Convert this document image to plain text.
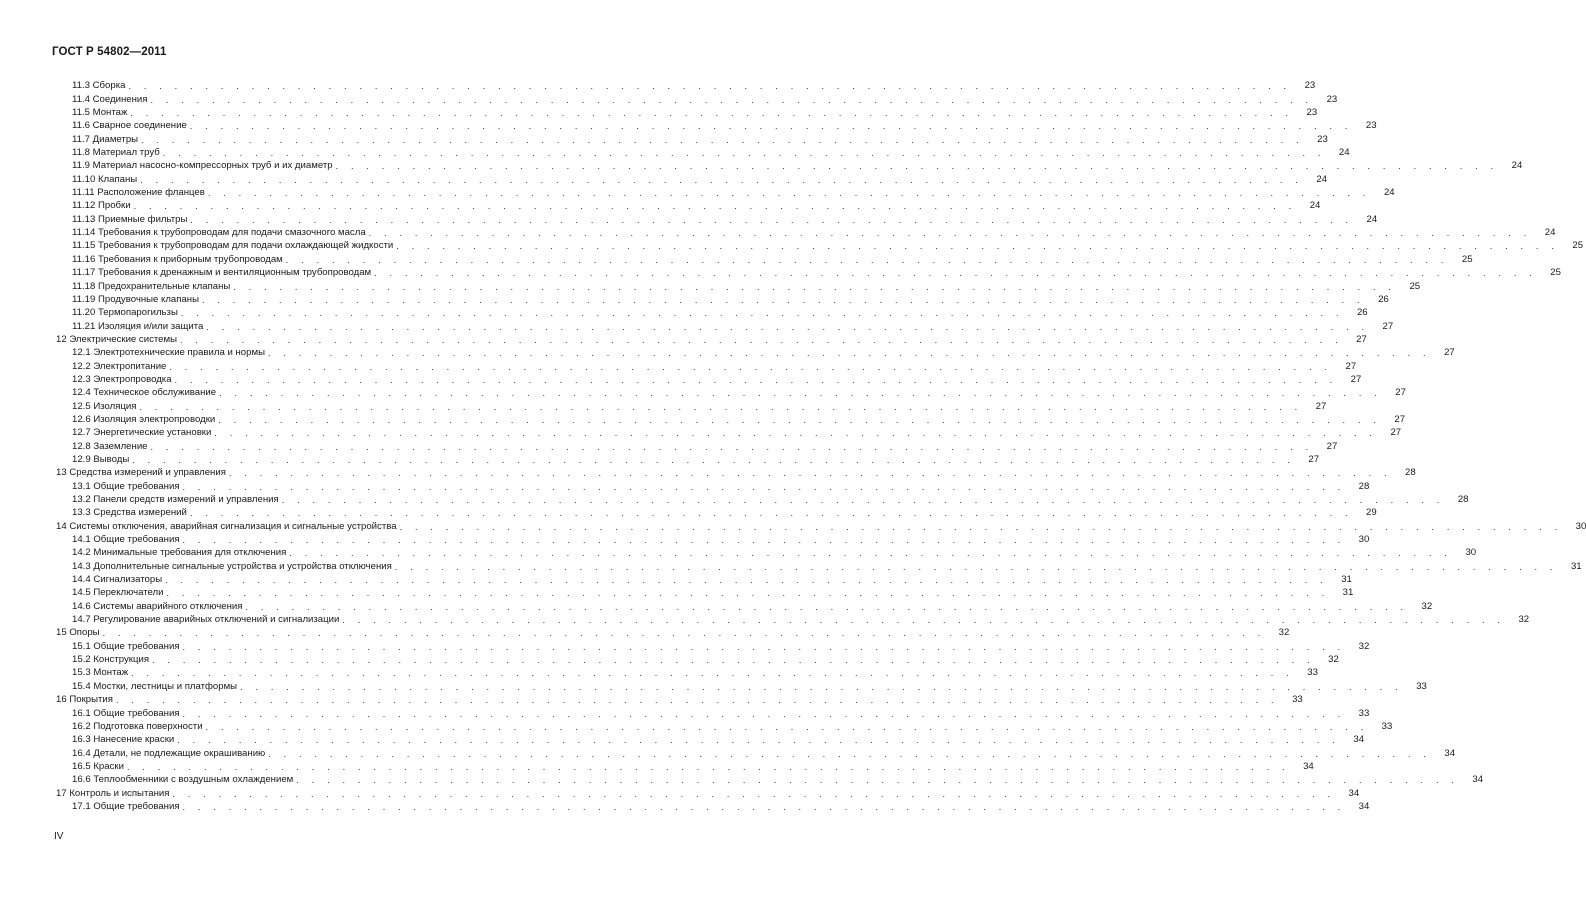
ГОСТ Р 54802—2011
11.3 Сборка . . . . . . . . . . . . . . . . . . . . . . . . . . . . . . . . . . . . . . . . . . . . . . . . . . . . . . . . . . . . . . . . . . . . . . . . . . . .	23
11.4 Соединения . . . . . . . . . . . . . . . . . . . . . . . . . . . . . . . . . . . . . . . . . . . . . . . . . . . . . . . . . . . . . . . . . . . . . . . . . . . .	23
11.5 Монтаж . . . . . . . . . . . . . . . . . . . . . . . . . . . . . . . . . . . . . . . . . . . . . . . . . . . . . . . . . . . . . . . . . . . . . . . . . . . .	23
11.6 Сварное соединение . . . . . . . . . . . . . . . . . . . . . . . . . . . . . . . . . . . . . . . . . . . . . . . . . . . . . . . . . . . . . . . . . . . . . . . . . . . .	23
11.7 Диаметры . . . . . . . . . . . . . . . . . . . . . . . . . . . . . . . . . . . . . . . . . . . . . . . . . . . . . . . . . . . . . . . . . . . . . . . . . . . .	23
11.8 Материал труб . . . . . . . . . . . . . . . . . . . . . . . . . . . . . . . . . . . . . . . . . . . . . . . . . . . . . . . . . . . . . . . . . . . . . . . . . . . .	24
11.9 Материал насосно-компрессорных труб и их диаметр . . . . . . . . . . . . . . . . . . . . . . . . . . . . . . . . . . . . . . . . . . . . . . . . . . . . . . . . . . . . . . . . . . . . . . . . . . . .	24
11.10 Клапаны . . . . . . . . . . . . . . . . . . . . . . . . . . . . . . . . . . . . . . . . . . . . . . . . . . . . . . . . . . . . . . . . . . . . . . . . . . . .	24
11.11 Расположение фланцев . . . . . . . . . . . . . . . . . . . . . . . . . . . . . . . . . . . . . . . . . . . . . . . . . . . . . . . . . . . . . . . . . . . . . . . . . . . .	24
11.12 Пробки . . . . . . . . . . . . . . . . . . . . . . . . . . . . . . . . . . . . . . . . . . . . . . . . . . . . . . . . . . . . . . . . . . . . . . . . . . . .	24
11.13 Приемные фильтры . . . . . . . . . . . . . . . . . . . . . . . . . . . . . . . . . . . . . . . . . . . . . . . . . . . . . . . . . . . . . . . . . . . . . . . . . . . .	24
11.14 Требования к трубопроводам для подачи смазочного масла . . . . . . . . . . . . . . . . . . . . . . . . . . . . . . . . . . . . . . . . . . . . . . . . . . . . . . . . . . . . . . . . . . . . . . . . . . . .	24
11.15 Требования к трубопроводам для подачи охлаждающей жидкости . . . . . . . . . . . . . . . . . . . . . . . . . . . . . . . . . . . . . . . . . . . . . . . . . . . . . . . . . . . . . . . . . . . . . . . . . . . .	25
11.16 Требования к приборным трубопроводам . . . . . . . . . . . . . . . . . . . . . . . . . . . . . . . . . . . . . . . . . . . . . . . . . . . . . . . . . . . . . . . . . . . . . . . . . . . .	25
11.17 Требования к дренажным и вентиляционным трубопроводам . . . . . . . . . . . . . . . . . . . . . . . . . . . . . . . . . . . . . . . . . . . . . . . . . . . . . . . . . . . . . . . . . . . . . . . . . . . .	25
11.18 Предохранительные клапаны . . . . . . . . . . . . . . . . . . . . . . . . . . . . . . . . . . . . . . . . . . . . . . . . . . . . . . . . . . . . . . . . . . . . . . . . . . . .	25
11.19 Продувочные клапаны . . . . . . . . . . . . . . . . . . . . . . . . . . . . . . . . . . . . . . . . . . . . . . . . . . . . . . . . . . . . . . . . . . . . . . . . . . . .	26
11.20 Термопарогильзы . . . . . . . . . . . . . . . . . . . . . . . . . . . . . . . . . . . . . . . . . . . . . . . . . . . . . . . . . . . . . . . . . . . . . . . . . . . .	26
11.21 Изоляция и/или защита . . . . . . . . . . . . . . . . . . . . . . . . . . . . . . . . . . . . . . . . . . . . . . . . . . . . . . . . . . . . . . . . . . . . . . . . . . . .	27
12 Электрические системы . . . . . . . . . . . . . . . . . . . . . . . . . . . . . . . . . . . . . . . . . . . . . . . . . . . . . . . . . . . . . . . . . . . . . . . . . . . .	27
12.1 Электротехнические правила и нормы . . . . . . . . . . . . . . . . . . . . . . . . . . . . . . . . . . . . . . . . . . . . . . . . . . . . . . . . . . . . . . . . . . . . . . . . . . . .	27
12.2 Электропитание . . . . . . . . . . . . . . . . . . . . . . . . . . . . . . . . . . . . . . . . . . . . . . . . . . . . . . . . . . . . . . . . . . . . . . . . . . . .	27
12.3 Электропроводка . . . . . . . . . . . . . . . . . . . . . . . . . . . . . . . . . . . . . . . . . . . . . . . . . . . . . . . . . . . . . . . . . . . . . . . . . . . .	27
12.4 Техническое обслуживание . . . . . . . . . . . . . . . . . . . . . . . . . . . . . . . . . . . . . . . . . . . . . . . . . . . . . . . . . . . . . . . . . . . . . . . . . . . .	27
12.5 Изоляция . . . . . . . . . . . . . . . . . . . . . . . . . . . . . . . . . . . . . . . . . . . . . . . . . . . . . . . . . . . . . . . . . . . . . . . . . . . .	27
12.6 Изоляция электропроводки . . . . . . . . . . . . . . . . . . . . . . . . . . . . . . . . . . . . . . . . . . . . . . . . . . . . . . . . . . . . . . . . . . . . . . . . . . . .	27
12.7 Энергетические установки . . . . . . . . . . . . . . . . . . . . . . . . . . . . . . . . . . . . . . . . . . . . . . . . . . . . . . . . . . . . . . . . . . . . . . . . . . . .	27
12.8 Заземление . . . . . . . . . . . . . . . . . . . . . . . . . . . . . . . . . . . . . . . . . . . . . . . . . . . . . . . . . . . . . . . . . . . . . . . . . . . .	27
12.9 Выводы . . . . . . . . . . . . . . . . . . . . . . . . . . . . . . . . . . . . . . . . . . . . . . . . . . . . . . . . . . . . . . . . . . . . . . . . . . . .	27
13 Средства измерений и управления . . . . . . . . . . . . . . . . . . . . . . . . . . . . . . . . . . . . . . . . . . . . . . . . . . . . . . . . . . . . . . . . . . . . . . . . . . . .	28
13.1 Общие требования . . . . . . . . . . . . . . . . . . . . . . . . . . . . . . . . . . . . . . . . . . . . . . . . . . . . . . . . . . . . . . . . . . . . . . . . . . . .	28
13.2 Панели средств измерений и управления . . . . . . . . . . . . . . . . . . . . . . . . . . . . . . . . . . . . . . . . . . . . . . . . . . . . . . . . . . . . . . . . . . . . . . . . . . . .	28
13.3 Средства измерений . . . . . . . . . . . . . . . . . . . . . . . . . . . . . . . . . . . . . . . . . . . . . . . . . . . . . . . . . . . . . . . . . . . . . . . . . . . .	29
14 Системы отключения, аварийная сигнализация и сигнальные устройства . . . . . . . . . . . . . . . . . . . . . . . . . . . . . . . . . . . . . . . . . . . . . . . . . . . . . . . . . . . . . . . . . . . . . . . . . . . .	30
14.1 Общие требования . . . . . . . . . . . . . . . . . . . . . . . . . . . . . . . . . . . . . . . . . . . . . . . . . . . . . . . . . . . . . . . . . . . . . . . . . . . .	30
14.2 Минимальные требования для отключения . . . . . . . . . . . . . . . . . . . . . . . . . . . . . . . . . . . . . . . . . . . . . . . . . . . . . . . . . . . . . . . . . . . . . . . . . . . .	30
14.3 Дополнительные сигнальные устройства и устройства отключения . . . . . . . . . . . . . . . . . . . . . . . . . . . . . . . . . . . . . . . . . . . . . . . . . . . . . . . . . . . . . . . . . . . . . . . . . . . .	31
14.4 Сигнализаторы . . . . . . . . . . . . . . . . . . . . . . . . . . . . . . . . . . . . . . . . . . . . . . . . . . . . . . . . . . . . . . . . . . . . . . . . . . . .	31
14.5 Переключатели . . . . . . . . . . . . . . . . . . . . . . . . . . . . . . . . . . . . . . . . . . . . . . . . . . . . . . . . . . . . . . . . . . . . . . . . . . . .	31
14.6 Системы аварийного отключения . . . . . . . . . . . . . . . . . . . . . . . . . . . . . . . . . . . . . . . . . . . . . . . . . . . . . . . . . . . . . . . . . . . . . . . . . . . .	32
14.7 Регулирование аварийных отключений и сигнализации . . . . . . . . . . . . . . . . . . . . . . . . . . . . . . . . . . . . . . . . . . . . . . . . . . . . . . . . . . . . . . . . . . . . . . . . . . . .	32
15 Опоры . . . . . . . . . . . . . . . . . . . . . . . . . . . . . . . . . . . . . . . . . . . . . . . . . . . . . . . . . . . . . . . . . . . . . . . . . . . .	32
15.1 Общие требования . . . . . . . . . . . . . . . . . . . . . . . . . . . . . . . . . . . . . . . . . . . . . . . . . . . . . . . . . . . . . . . . . . . . . . . . . . . .	32
15.2 Конструкция . . . . . . . . . . . . . . . . . . . . . . . . . . . . . . . . . . . . . . . . . . . . . . . . . . . . . . . . . . . . . . . . . . . . . . . . . . . .	32
15.3 Монтаж . . . . . . . . . . . . . . . . . . . . . . . . . . . . . . . . . . . . . . . . . . . . . . . . . . . . . . . . . . . . . . . . . . . . . . . . . . . .	33
15.4 Мостки, лестницы и платформы . . . . . . . . . . . . . . . . . . . . . . . . . . . . . . . . . . . . . . . . . . . . . . . . . . . . . . . . . . . . . . . . . . . . . . . . . . . .	33
16 Покрытия . . . . . . . . . . . . . . . . . . . . . . . . . . . . . . . . . . . . . . . . . . . . . . . . . . . . . . . . . . . . . . . . . . . . . . . . . . . .	33
16.1 Общие требования . . . . . . . . . . . . . . . . . . . . . . . . . . . . . . . . . . . . . . . . . . . . . . . . . . . . . . . . . . . . . . . . . . . . . . . . . . . .	33
16.2 Подготовка поверхности . . . . . . . . . . . . . . . . . . . . . . . . . . . . . . . . . . . . . . . . . . . . . . . . . . . . . . . . . . . . . . . . . . . . . . . . . . . .	33
16.3 Нанесение краски . . . . . . . . . . . . . . . . . . . . . . . . . . . . . . . . . . . . . . . . . . . . . . . . . . . . . . . . . . . . . . . . . . . . . . . . . . . .	34
16.4 Детали, не подлежащие окрашиванию . . . . . . . . . . . . . . . . . . . . . . . . . . . . . . . . . . . . . . . . . . . . . . . . . . . . . . . . . . . . . . . . . . . . . . . . . . . .	34
16.5 Краски . . . . . . . . . . . . . . . . . . . . . . . . . . . . . . . . . . . . . . . . . . . . . . . . . . . . . . . . . . . . . . . . . . . . . . . . . . . .	34
16.6 Теплообменники с воздушным охлаждением . . . . . . . . . . . . . . . . . . . . . . . . . . . . . . . . . . . . . . . . . . . . . . . . . . . . . . . . . . . . . . . . . . . . . . . . . . . .	34
17 Контроль и испытания . . . . . . . . . . . . . . . . . . . . . . . . . . . . . . . . . . . . . . . . . . . . . . . . . . . . . . . . . . . . . . . . . . . . . . . . . . . .	34
17.1 Общие требования . . . . . . . . . . . . . . . . . . . . . . . . . . . . . . . . . . . . . . . . . . . . . . . . . . . . . . . . . . . . . . . . . . . . . . . . . . . .	34
IV
